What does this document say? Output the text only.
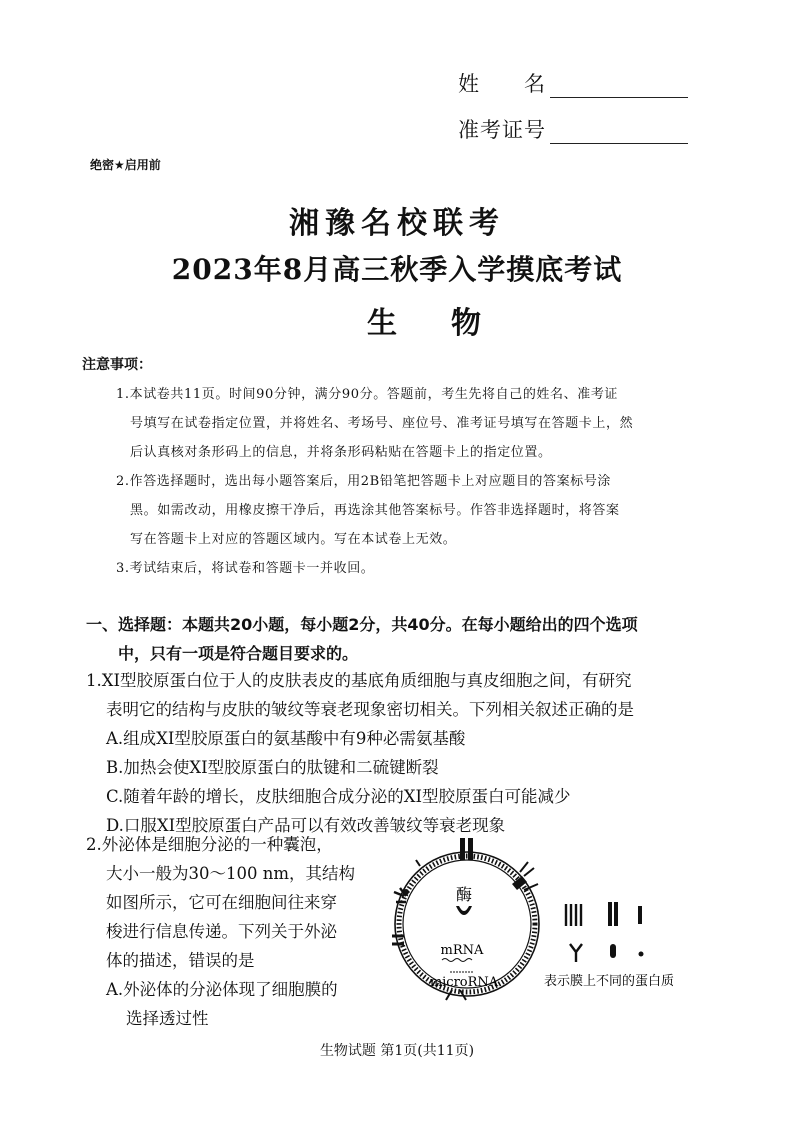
姓　　名
准考证号
绝密★启用前
湘豫名校联考
2023年8月高三秋季入学摸底考试
生物
注意事项：
1.本试卷共11页。时间90分钟，满分90分。答题前，考生先将自己的姓名、准考证
号填写在试卷指定位置，并将姓名、考场号、座位号、准考证号填写在答题卡上，然
后认真核对条形码上的信息，并将条形码粘贴在答题卡上的指定位置。
2.作答选择题时，选出每小题答案后，用2B铅笔把答题卡上对应题目的答案标号涂
黑。如需改动，用橡皮擦干净后，再选涂其他答案标号。作答非选择题时，将答案
写在答题卡上对应的答题区域内。写在本试卷上无效。
3.考试结束后，将试卷和答题卡一并收回。
一、选择题：本题共20小题，每小题2分，共40分。在每小题给出的四个选项
中，只有一项是符合题目要求的。
1.XI型胶原蛋白位于人的皮肤表皮的基底角质细胞与真皮细胞之间，有研究
表明它的结构与皮肤的皱纹等衰老现象密切相关。下列相关叙述正确的是
A.组成XI型胶原蛋白的氨基酸中有9种必需氨基酸
B.加热会使XI型胶原蛋白的肽键和二硫键断裂
C.随着年龄的增长，皮肤细胞合成分泌的XI型胶原蛋白可能减少
D.口服XI型胶原蛋白产品可以有效改善皱纹等衰老现象
2.外泌体是细胞分泌的一种囊泡，
大小一般为30～100 nm，其结构
如图所示，它可在细胞间往来穿
梭进行信息传递。下列关于外泌
体的描述，错误的是
A.外泌体的分泌体现了细胞膜的
选择透过性
酶
mRNA
microRNA	表示膜上不同的蛋白质
生物试题 第1页(共11页)
